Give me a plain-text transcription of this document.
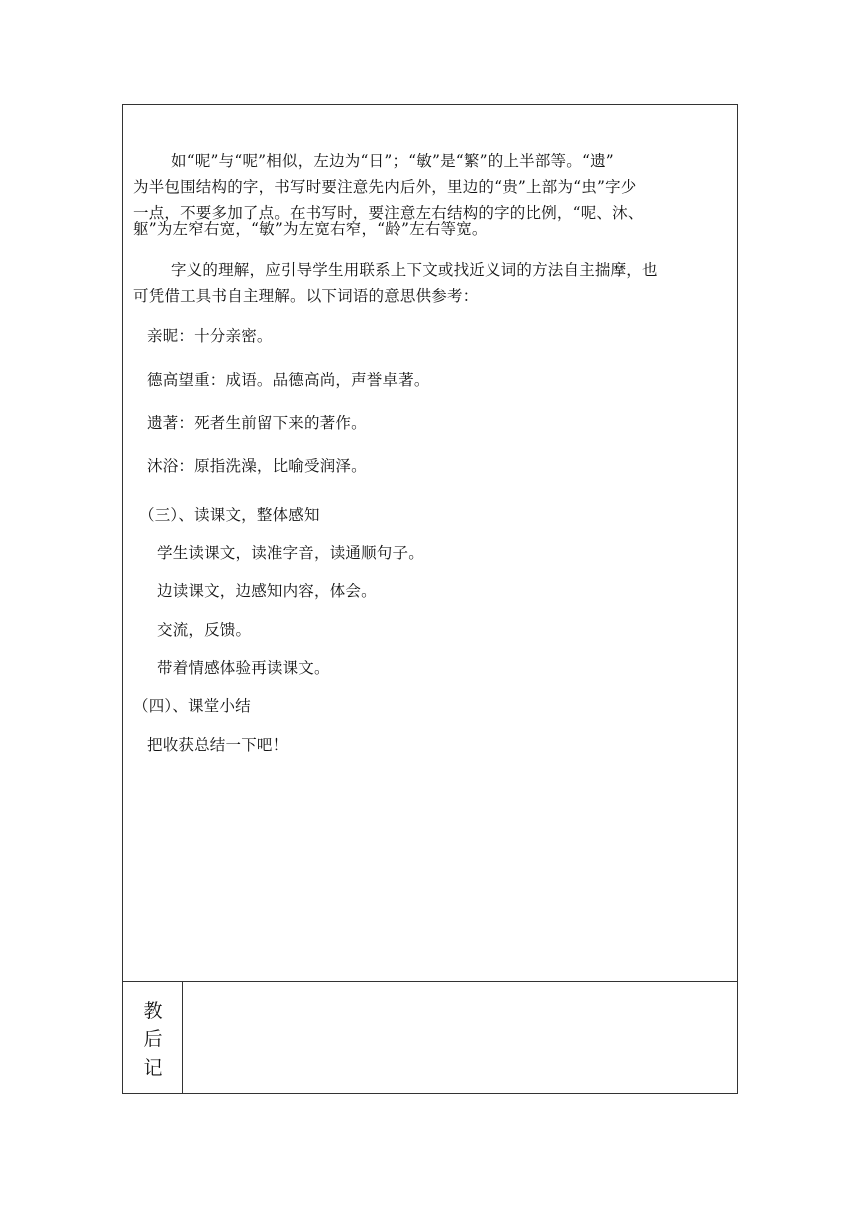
如“呢”与“呢”相似，左边为“日”；“敏”是“繁”的上半部等。“遗”
为半包围结构的字，书写时要注意先内后外，里边的“贵”上部为“虫”字少
一点，不要多加了点。在书写时，要注意左右结构的字的比例，“呢、沐、
躯”为左窄右宽，“敏”为左宽右窄，“龄”左右等宽。
字义的理解，应引导学生用联系上下文或找近义词的方法自主揣摩，也
可凭借工具书自主理解。以下词语的意思供参考：
亲昵：十分亲密。
德高望重：成语。品德高尚，声誉卓著。
遗著：死者生前留下来的著作。
沐浴：原指洗澡，比喻受润泽。
（三）、读课文，整体感知
学生读课文，读准字音，读通顺句子。
边读课文，边感知内容，体会。
交流，反馈。
带着情感体验再读课文。
（四）、课堂小结
把收获总结一下吧！
教
后
记
